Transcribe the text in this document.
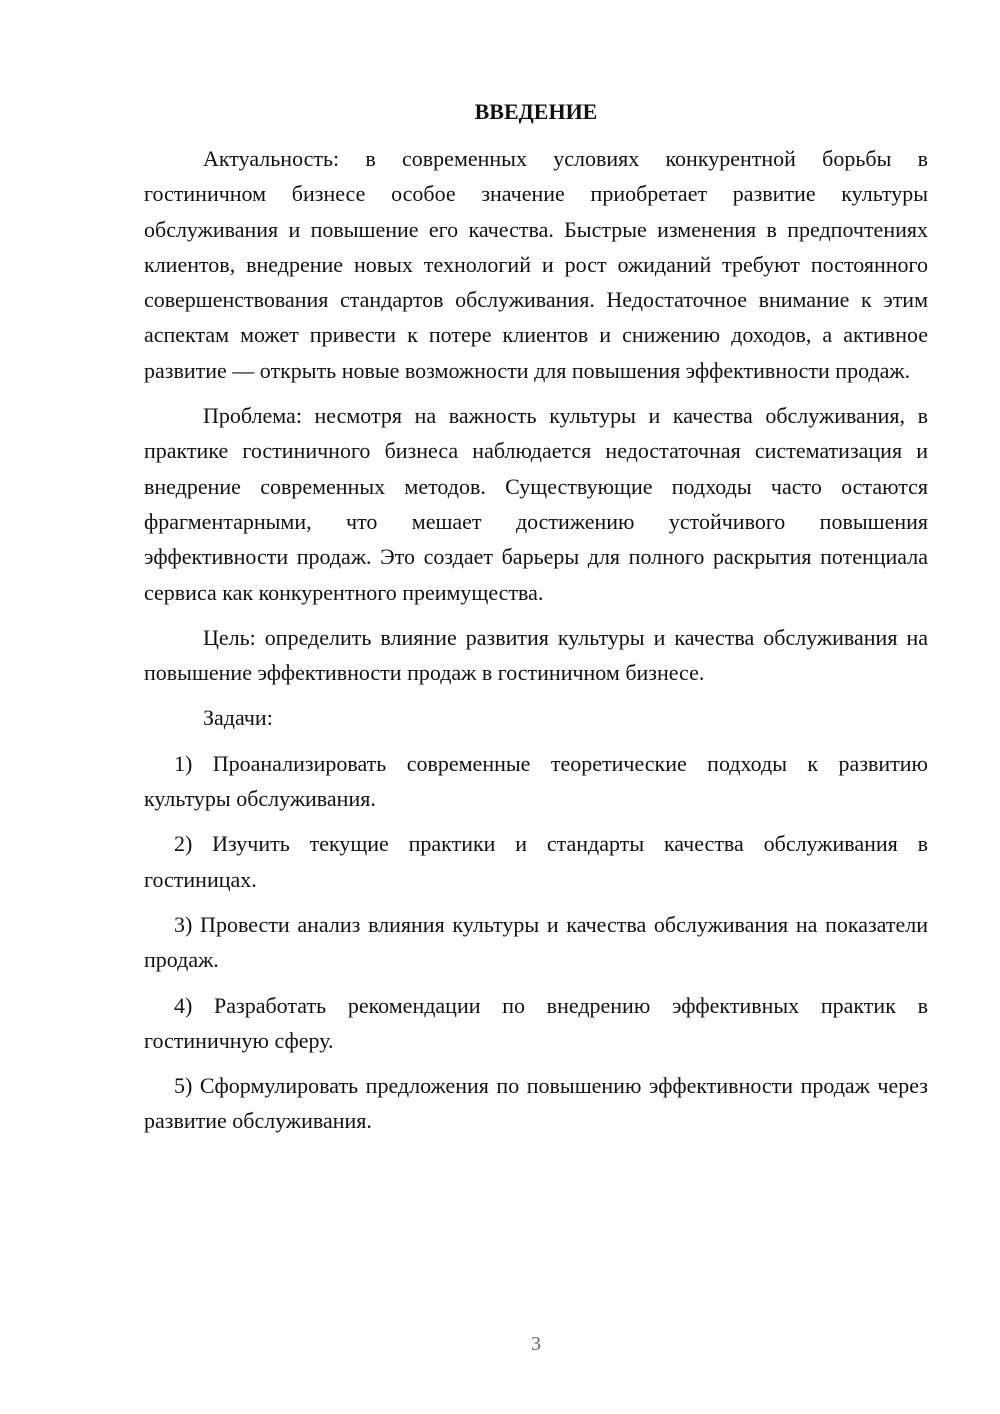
ВВЕДЕНИЕ

Актуальность: в современных условиях конкурентной борьбы в гостиничном бизнесе особое значение приобретает развитие культуры обслуживания и повышение его качества. Быстрые изменения в предпочтениях клиентов, внедрение новых технологий и рост ожиданий требуют постоянного совершенствования стандартов обслуживания. Недостаточное внимание к этим аспектам может привести к потере клиентов и снижению доходов, а активное развитие — открыть новые возможности для повышения эффективности продаж.

Проблема: несмотря на важность культуры и качества обслуживания, в практике гостиничного бизнеса наблюдается недостаточная систематизация и внедрение современных методов. Существующие подходы часто остаются фрагментарными, что мешает достижению устойчивого повышения эффективности продаж. Это создает барьеры для полного раскрытия потенциала сервиса как конкурентного преимущества.

Цель: определить влияние развития культуры и качества обслуживания на повышение эффективности продаж в гостиничном бизнесе.

Задачи:

1) Проанализировать современные теоретические подходы к развитию культуры обслуживания.

2) Изучить текущие практики и стандарты качества обслуживания в гостиницах.

3) Провести анализ влияния культуры и качества обслуживания на показатели продаж.

4) Разработать рекомендации по внедрению эффективных практик в гостиничную сферу.

5) Сформулировать предложения по повышению эффективности продаж через развитие обслуживания.

3
